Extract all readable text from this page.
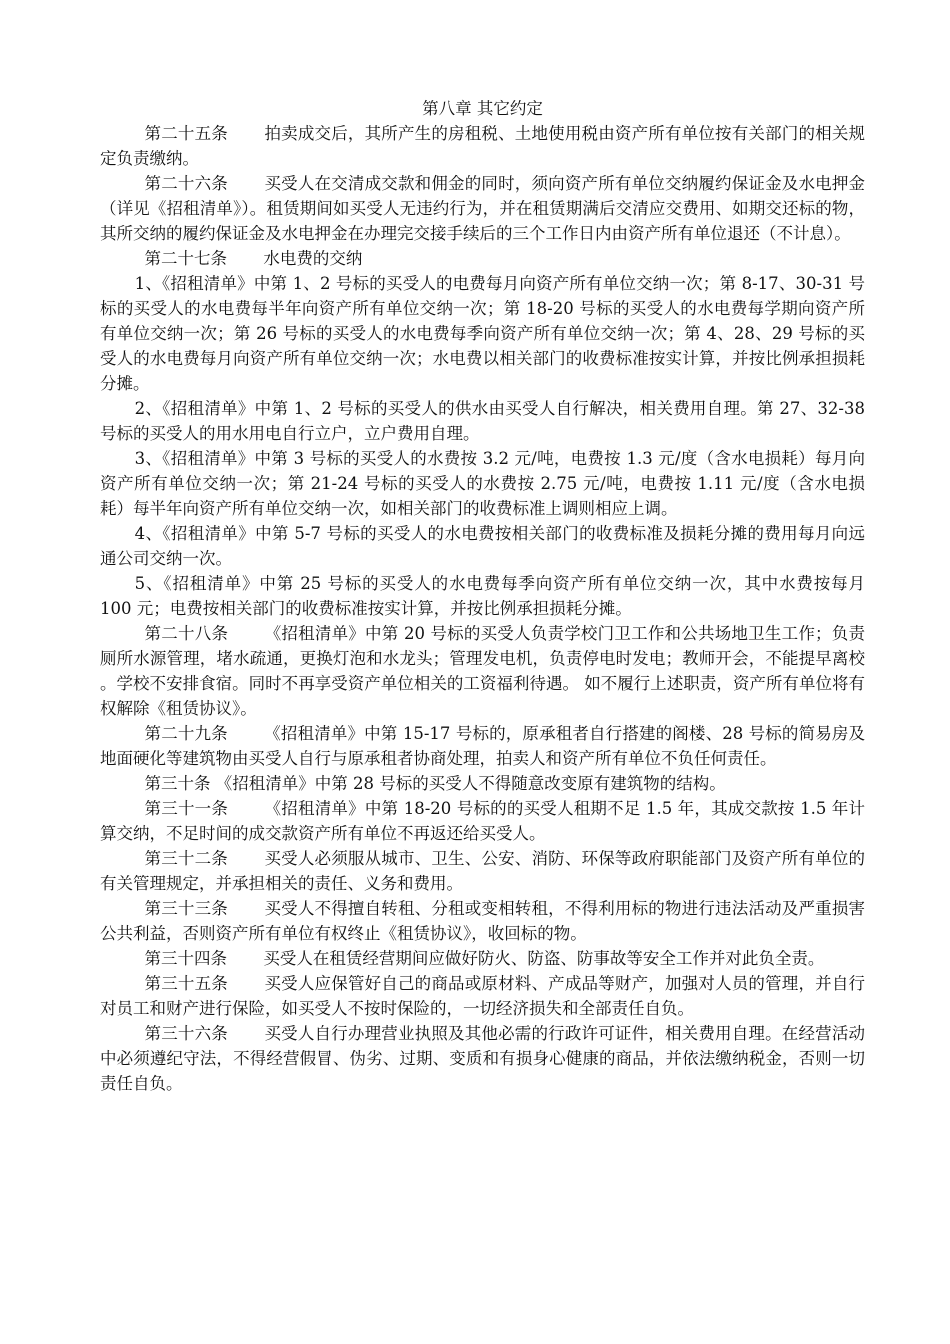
第八章 其它约定

第二十五条 拍卖成交后，其所产生的房租税、土地使用税由资产所有单位按有关部门的相关规定负责缴纳。

第二十六条 买受人在交清成交款和佣金的同时，须向资产所有单位交纳履约保证金及水电押金（详见《招租清单》）。租赁期间如买受人无违约行为，并在租赁期满后交清应交费用、如期交还标的物，其所交纳的履约保证金及水电押金在办理完交接手续后的三个工作日内由资产所有单位退还（不计息）。

第二十七条 水电费的交纳

1、《招租清单》中第 1、2 号标的买受人的电费每月向资产所有单位交纳一次；第 8-17、30-31 号标的买受人的水电费每半年向资产所有单位交纳一次；第 18-20 号标的买受人的水电费每学期向资产所有单位交纳一次；第 26 号标的买受人的水电费每季向资产所有单位交纳一次；第 4、28、29 号标的买受人的水电费每月向资产所有单位交纳一次；水电费以相关部门的收费标准按实计算，并按比例承担损耗分摊。

2、《招租清单》中第 1、2 号标的买受人的供水由买受人自行解决，相关费用自理。第 27、32-38 号标的买受人的用水用电自行立户，立户费用自理。

3、《招租清单》中第 3 号标的买受人的水费按 3.2 元/吨，电费按 1.3 元/度（含水电损耗）每月向资产所有单位交纳一次；第 21-24 号标的买受人的水费按 2.75 元/吨，电费按 1.11 元/度（含水电损耗）每半年向资产所有单位交纳一次，如相关部门的收费标准上调则相应上调。

4、《招租清单》中第 5-7 号标的买受人的水电费按相关部门的收费标准及损耗分摊的费用每月向远通公司交纳一次。

5、《招租清单》中第 25 号标的买受人的水电费每季向资产所有单位交纳一次，其中水费按每月 100 元；电费按相关部门的收费标准按实计算，并按比例承担损耗分摊。

第二十八条 《招租清单》中第 20 号标的买受人负责学校门卫工作和公共场地卫生工作；负责厕所水源管理，堵水疏通，更换灯泡和水龙头；管理发电机，负责停电时发电；教师开会，不能提早离校 。学校不安排食宿。同时不再享受资产单位相关的工资福利待遇。 如不履行上述职责，资产所有单位将有权解除《租赁协议》。

第二十九条 《招租清单》中第 15-17 号标的，原承租者自行搭建的阁楼、28 号标的简易房及地面硬化等建筑物由买受人自行与原承租者协商处理，拍卖人和资产所有单位不负任何责任。

第三十条 《招租清单》中第 28 号标的买受人不得随意改变原有建筑物的结构。

第三十一条 《招租清单》中第 18-20 号标的的买受人租期不足 1.5 年，其成交款按 1.5 年计算交纳，不足时间的成交款资产所有单位不再返还给买受人。

第三十二条 买受人必须服从城市、卫生、公安、消防、环保等政府职能部门及资产所有单位的有关管理规定，并承担相关的责任、义务和费用。

第三十三条 买受人不得擅自转租、分租或变相转租，不得利用标的物进行违法活动及严重损害公共利益，否则资产所有单位有权终止《租赁协议》，收回标的物。

第三十四条 买受人在租赁经营期间应做好防火、防盗、防事故等安全工作并对此负全责。

第三十五条 买受人应保管好自己的商品或原材料、产成品等财产，加强对人员的管理，并自行对员工和财产进行保险，如买受人不按时保险的，一切经济损失和全部责任自负。

第三十六条 买受人自行办理营业执照及其他必需的行政许可证件，相关费用自理。在经营活动中必须遵纪守法，不得经营假冒、伪劣、过期、变质和有损身心健康的商品，并依法缴纳税金，否则一切责任自负。
